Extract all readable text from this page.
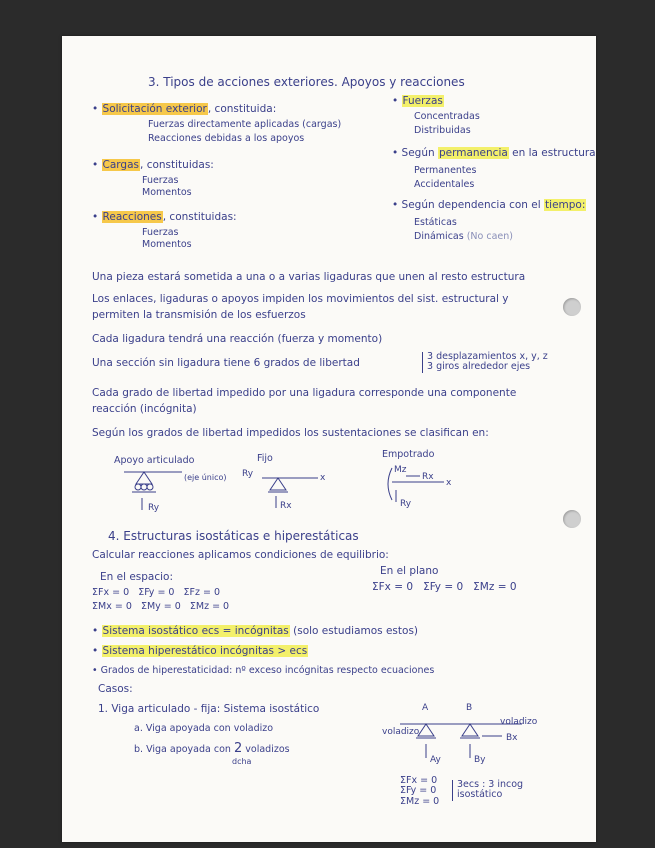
3. Tipos de acciones exteriores. Apoyos y reacciones
• Solicitación exterior, constituida:
Fuerzas directamente aplicadas (cargas)
Reacciones debidas a los apoyos
• Cargas, constituidas:
Fuerzas
Momentos
• Reacciones, constituidas:
Fuerzas
Momentos
• Fuerzas
Concentradas
Distribuidas
• Según permanencia en la estructura
Permanentes
Accidentales
• Según dependencia con el tiempo:
Estáticas
Dinámicas (No caen)
Una pieza estará sometida a una o a varias ligaduras que unen al resto estructura
Los enlaces, ligaduras o apoyos impiden los movimientos del sist. estructural y
permiten la transmisión de los esfuerzos
Cada ligadura tendrá una reacción (fuerza y momento)
Una sección sin ligadura tiene 6 grados de libertad
3 desplazamientos x, y, z
3 giros alrededor ejes
Cada grado de libertad impedido por una ligadura corresponde una componente
reacción (incógnita)
Según los grados de libertad impedidos los sustentaciones se clasifican en:
Apoyo articulado
(eje único)
Ry
Fijo
Ry	x
Rx
Empotrado
x
Mz
Rx
Ry
4. Estructuras isostáticas e hiperestáticas
Calcular reacciones aplicamos condiciones de equilibrio:
En el espacio:
ΣFx = 0 ΣFy = 0 ΣFz = 0
ΣMx = 0 ΣMy = 0 ΣMz = 0
En el plano
ΣFx = 0 ΣFy = 0 ΣMz = 0
• Sistema isostático ecs = incógnitas (solo estudiamos estos)
• Sistema hiperestático incógnitas > ecs
• Grados de hiperestaticidad: nº exceso incógnitas respecto ecuaciones
Casos:
1. Viga articulado - fija: Sistema isostático
a. Viga apoyada con voladizo
b. Viga apoyada con 2 voladizos
dcha
A	B
voladizo
voladizo
Ay	By
Bx
ΣFx = 0
ΣFy = 0
ΣMz = 0
3ecs : 3 incog
isostático
